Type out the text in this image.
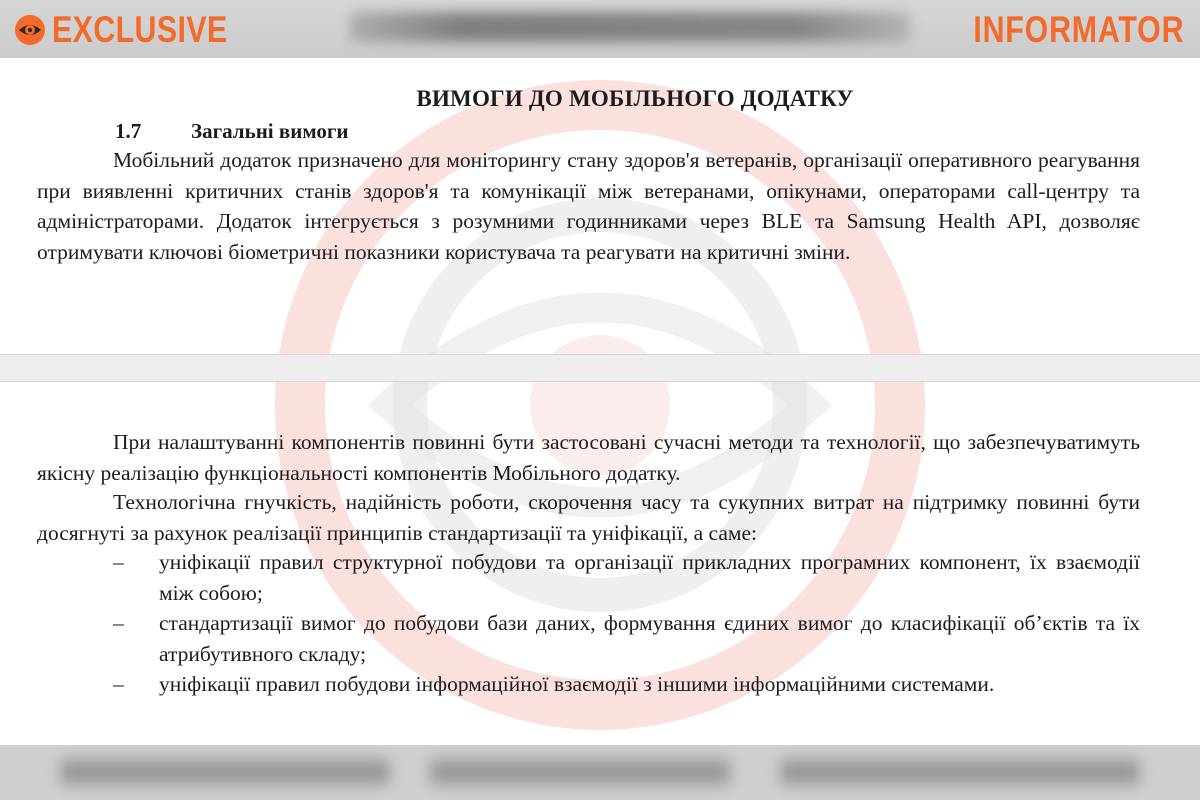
EXCLUSIVE	INFORMATOR
ВИМОГИ ДО МОБІЛЬНОГО ДОДАТКУ
1.7	Загальні вимоги

Мобільний додаток призначено для моніторингу стану здоров'я ветеранів, організації оперативного реагування при виявленні критичних станів здоров'я та комунікації між ветеранами, опікунами, операторами call-центру та адміністраторами. Додаток інтегрується з розумними годинниками через BLE та Samsung Health API, дозволяє отримувати ключові біометричні показники користувача та реагувати на критичні зміни.

При налаштуванні компонентів повинні бути застосовані сучасні методи та технології, що забезпечуватимуть якісну реалізацію функціональності компонентів Мобільного додатку.

Технологічна гнучкість, надійність роботи, скорочення часу та сукупних витрат на підтримку повинні бути досягнуті за рахунок реалізації принципів стандартизації та уніфікації, а саме:

– уніфікації правил структурної побудови та організації прикладних програмних компонент, їх взаємодії між собою;
– стандартизації вимог до побудови бази даних, формування єдиних вимог до класифікації об’єктів та їх атрибутивного складу;
– уніфікації правил побудови інформаційної взаємодії з іншими інформаційними системами.
